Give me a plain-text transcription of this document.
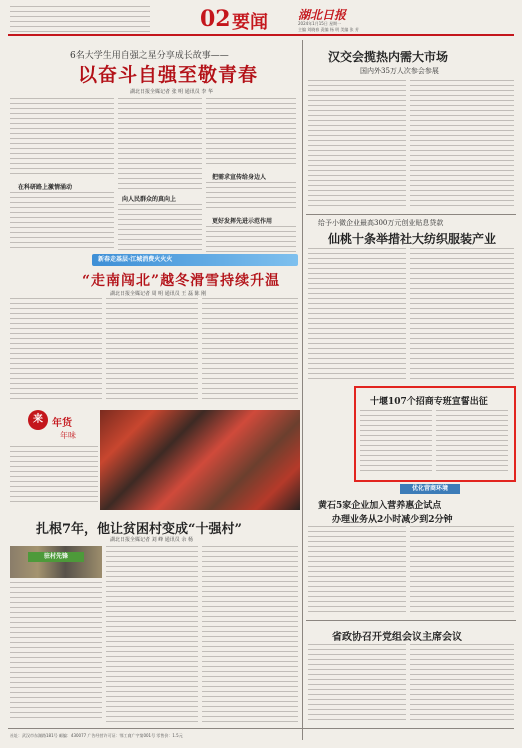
02 要闻	湖北日报
2024年1月15日 星期一
主编 刘晓春 责编 杨 明 美编 张 芳
6名大学生用自强之星分享成长故事——
以奋斗自强至敬青春
湖北日报全媒记者 张 明 通讯员 李 华
在科研路上激情涌动
向人民群众的真向上
把需求宣传给身边人
更好发挥先进示范作用
汉交会揽热内需大市场
国内外35万人次参会参展
给予小微企业最高300万元创业贴息贷款
仙桃十条举措社大纺织服装产业
十堰107个招商专班宣誓出征
新春走基层·江城消费火火火
“走南闯北”越冬滑雪持续升温
湖北日报全媒记者 周 明 通讯员 王 磊 陈 刚
来 年货
年味
优化营商环境
黄石5家企业加入营养惠企试点
办理业务从2小时减少到2分钟
扎根7年，他让贫困村变成“十强村”
湖北日报全媒记者 刘 峰 通讯员 余 杨
驻村先锋
省政协召开党组会议主席会议
社址：武汉市东湖路181号 邮编：430077 广告经营许可证：鄂工商广字第001号 零售价：1.5元
